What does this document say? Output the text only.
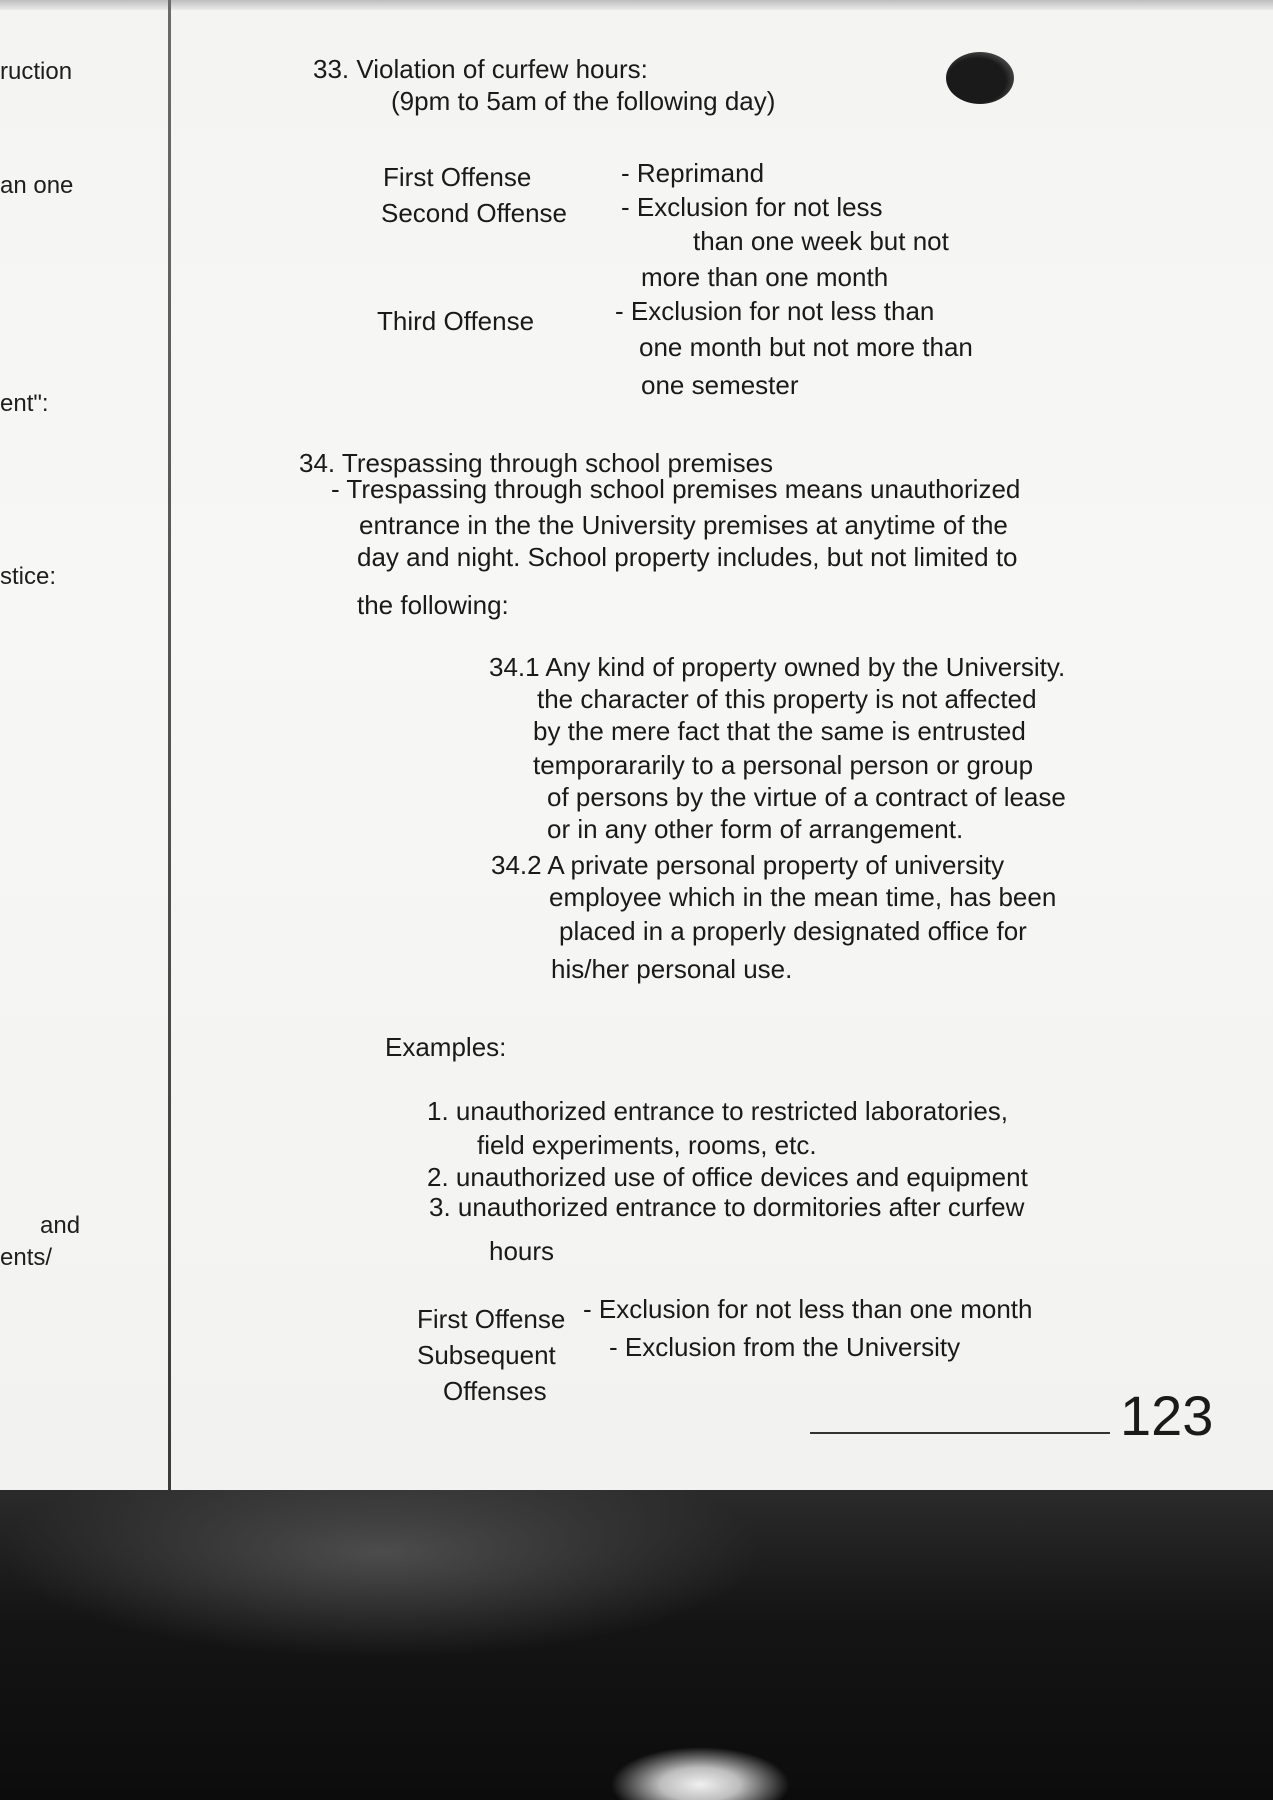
ruction
an one
ent":
stice:
and
ents/
33. Violation of curfew hours:
(9pm to 5am of the following day)
First Offense	- Reprimand
Second Offense - Exclusion for not less
than one week but not
more than one month
Third Offense	- Exclusion for not less than
one month but not more than
one semester
34. Trespassing through school premises
- Trespassing through school premises means unauthorized
entrance in the the University premises at anytime of the
day and night. School property includes, but not limited to
the following:
34.1 Any kind of property owned by the University.
the character of this property is not affected
by the mere fact that the same is entrusted
temporararily to a personal person or group
of persons by the virtue of a contract of lease
or in any other form of arrangement.
34.2 A private personal property of university
employee which in the mean time, has been
placed in a properly designated office for
his/her personal use.
Examples:
1. unauthorized entrance to restricted laboratories,
field experiments, rooms, etc.
2. unauthorized use of office devices and equipment
3. unauthorized entrance to dormitories after curfew
hours
First Offense - Exclusion for not less than one month
Subsequent - Exclusion from the University
Offenses	123
